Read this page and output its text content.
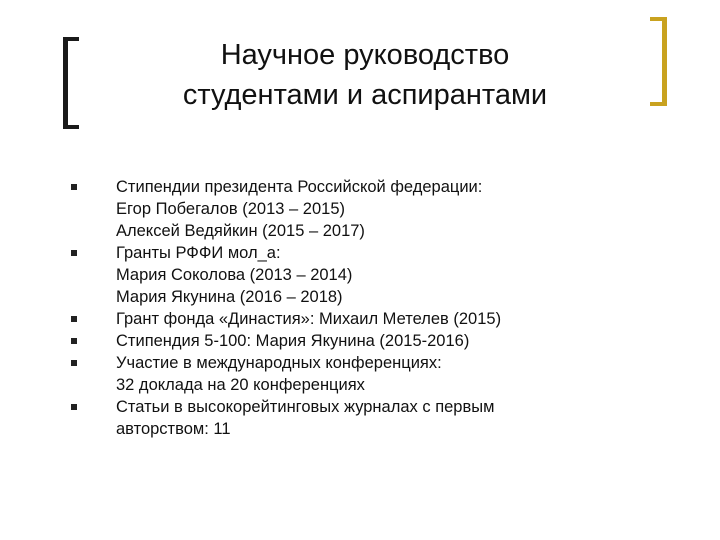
Научное руководство
студентами и аспирантами
Стипендии президента Российской федерации:
Егор Побегалов (2013 – 2015)
Алексей Ведяйкин (2015 – 2017)
Гранты РФФИ мол_а:
Мария Соколова (2013 – 2014)
Мария Якунина (2016 – 2018)
Грант фонда «Династия»: Михаил Метелев (2015)
Стипендия 5-100: Мария Якунина (2015-2016)
Участие в международных конференциях:
32 доклада на 20 конференциях
Статьи в высокорейтинговых журналах с первым
авторством: 11
